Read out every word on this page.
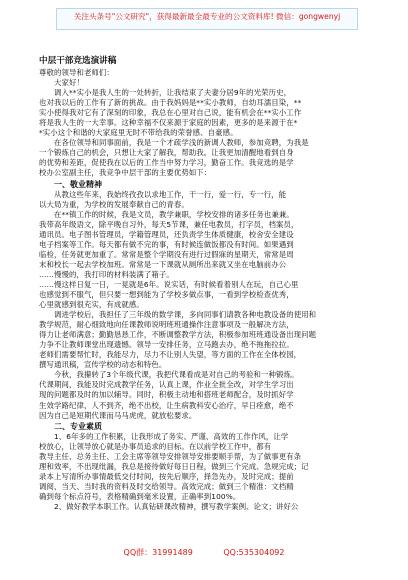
关注头条号"公文研究"，获得最新最全最专业的公文资料库! 微信：gongwenyj
中层干部竞选演讲稿
尊敬的领导和老师们：
大家好！
调入**实小是我人生的一处转折，让我结束了夫妻分居9年的光荣历史，
也对我以后的工作有了新的挑战。由于我妈妈是**实小教师，自幼耳濡目染，**
实小使得我对它有了深刻的印象，我总在心里对自己说，能有机会在**实小工作
将是我人生的一大幸事。这种幸福不仅来源于家庭的因素，更多的是来源于在*
*实小这个和谐的大家庭里无时不带给我的荣誉感、自豪感。
在各位领导和同事面前，我是一个才疏学浅的新调人教师，参加竞聘，为我是
一个锻炼自己的机会，只想让大家了解我，帮助我。让我更加清醒地看到自身
的优势和差距，促使我在以后的工作当中努力学习，勤奋工作。我竞选的是学
校办公室副主任，我竞争中层干部的主要优势如下：
一、敬业精神
从教这些年来，我始终孜孜以求地工作，干一行，爱一行，专一行，能
以大局为重，为学校的发展奉献自己的青春。
在**镇工作的时候，我是文员，教学兼职，学校安排的诸多任务也兼兼。
我带高年级语文，除平晚自习外，每天5节课，兼任电教员，打字员，档案员，
通讯员。电子图书管理员，学籍管理员，还负责学生体质健康，校舍安全建设
电子档案等工作。每天都有做不完的事，有时候连做饭都没有时间。如果遇到
临检，任务就更加重了。常常是整个学期没有进行过假寐的星期天，常常是周
末和校长一起去学校加班。常常是一下课就从厕所出来就又坐在电脑前办公
……慢慢的，我打印的材料装满了箱子。
……慢这样日复一日，一晃就是6年。说实话，有时候看着别人在玩，自己心里
也感觉到不服气，但只要一想到能为了学校多做点事，一看到学校检查优秀，
心里就感到很充实，有成就感。
调进学校后，我担任了三年级的数学课，多向同事们请教各种电教设备的使用和
教学规范，耐心细致地向任课教师说明班班通操作注意事项及一般解决方法，
得力让老师满意；勤勤恳恳工作，不断调整教学方法，积极参加班班通设备出现问题
力争不让教师课堂出现遗憾。领导一安排任务，立马跑去办，绝不拖拖拉拉。
老师们需要帮忙时，我能尽力，尽力不让别人失望，等方面的工作在全体校园，
撰写通讯稿，宣传学校的动态和特色。
今秋，我攥转了3个年级代课，我把代课看成是对自己的考验和一种锻炼。
代课期间，我能及时完成教学任务，认真上课，作业全批全改，对学生学习出
现的问题都及时的加以辅导。同时，积极主动地和搭班老师配合，及时抓好学
生效学路纪律，人不到齐，绝不出校，让生病教科安心治疗，早日痊愈，绝不
因为自己是短期代课而马马虎虎，就放松要求。
二、专业素质
1、6年多的工作积累，让我形成了务实、严谨、高效的工作作风，让学
校放心，让领导放心就是办事员追求的目标。在以前学校工作中，都有
教导主任、总务主任、工会主席等领导安排领导安排要顺手帮，为了做事更有条
理和效率，不出现纰漏，我总是接待做好每日日程，做到三个完成、急规完成；记
录本上写清所办事情最低交付时间，按先后顺序，择急先办，及时完成；提前
调阅，当天、当时我的资料及时交给领导。高效完成；做到三个精准：文档精
确到每个标点符号，表格精确到毫米设置，正确率到100%。
2、做好教学本职工作。认真钻研课改精神，撰写教学案例、论文；讲好公
QQ群：31991489	QQ:535304092
